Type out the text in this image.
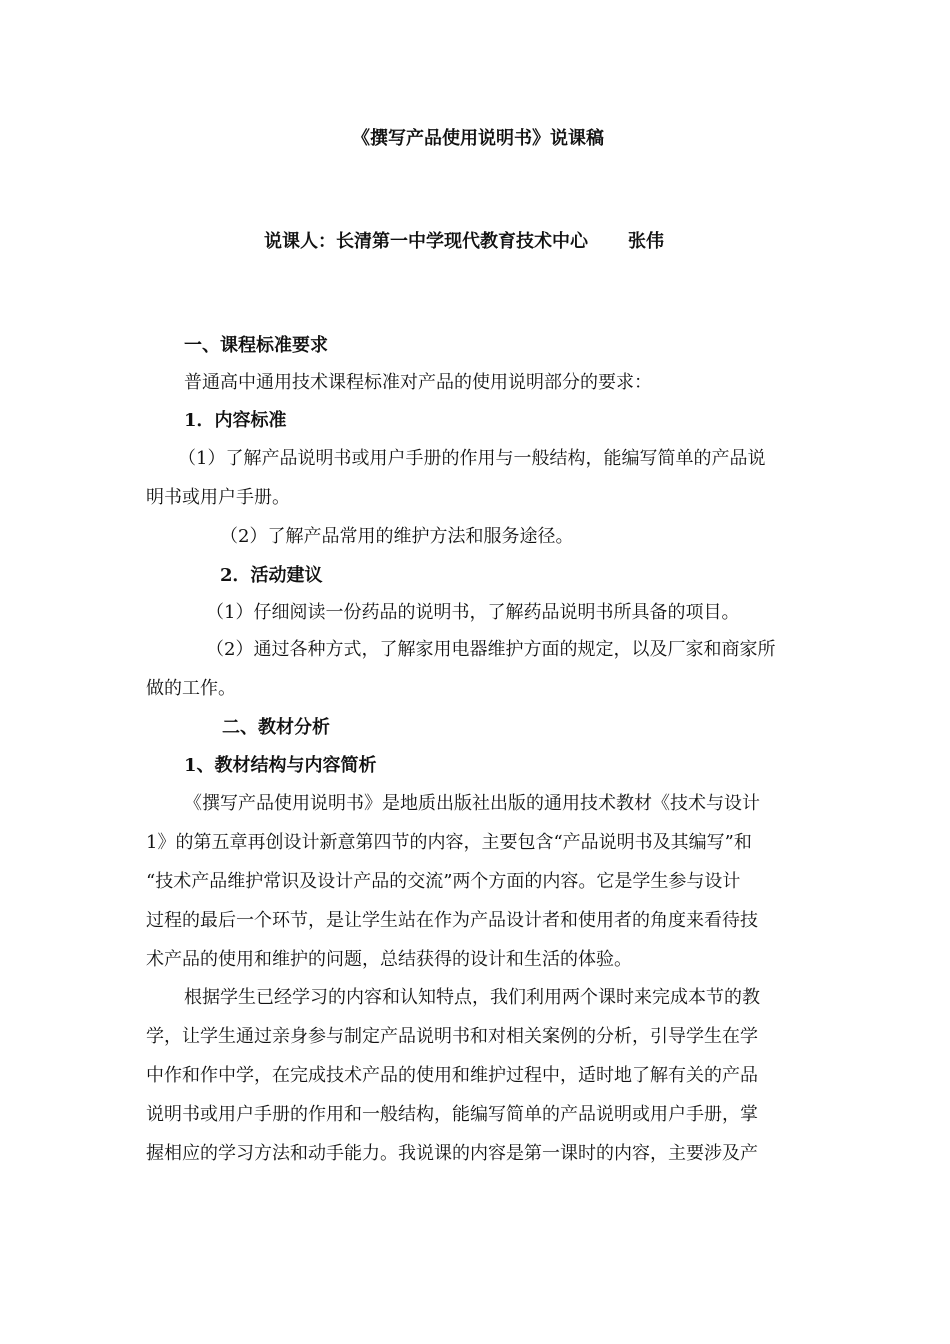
《撰写产品使用说明书》说课稿

说课人：长清第一中学现代教育技术中心 张伟

一、课程标准要求

普通高中通用技术课程标准对产品的使用说明部分的要求：

1．内容标准

（1）了解产品说明书或用户手册的作用与一般结构，能编写简单的产品说

明书或用户手册。

（2）了解产品常用的维护方法和服务途径。

2．活动建议

（1）仔细阅读一份药品的说明书，了解药品说明书所具备的项目。

（2）通过各种方式，了解家用电器维护方面的规定，以及厂家和商家所

做的工作。

二、教材分析

1、教材结构与内容简析

《撰写产品使用说明书》是地质出版社出版的通用技术教材《技术与设计

1》的第五章再创设计新意第四节的内容，主要包含“产品说明书及其编写”和

“技术产品维护常识及设计产品的交流”两个方面的内容。它是学生参与设计

过程的最后一个环节，是让学生站在作为产品设计者和使用者的角度来看待技

术产品的使用和维护的问题，总结获得的设计和生活的体验。

根据学生已经学习的内容和认知特点，我们利用两个课时来完成本节的教

学，让学生通过亲身参与制定产品说明书和对相关案例的分析，引导学生在学

中作和作中学，在完成技术产品的使用和维护过程中，适时地了解有关的产品

说明书或用户手册的作用和一般结构，能编写简单的产品说明或用户手册，掌

握相应的学习方法和动手能力。我说课的内容是第一课时的内容，主要涉及产
